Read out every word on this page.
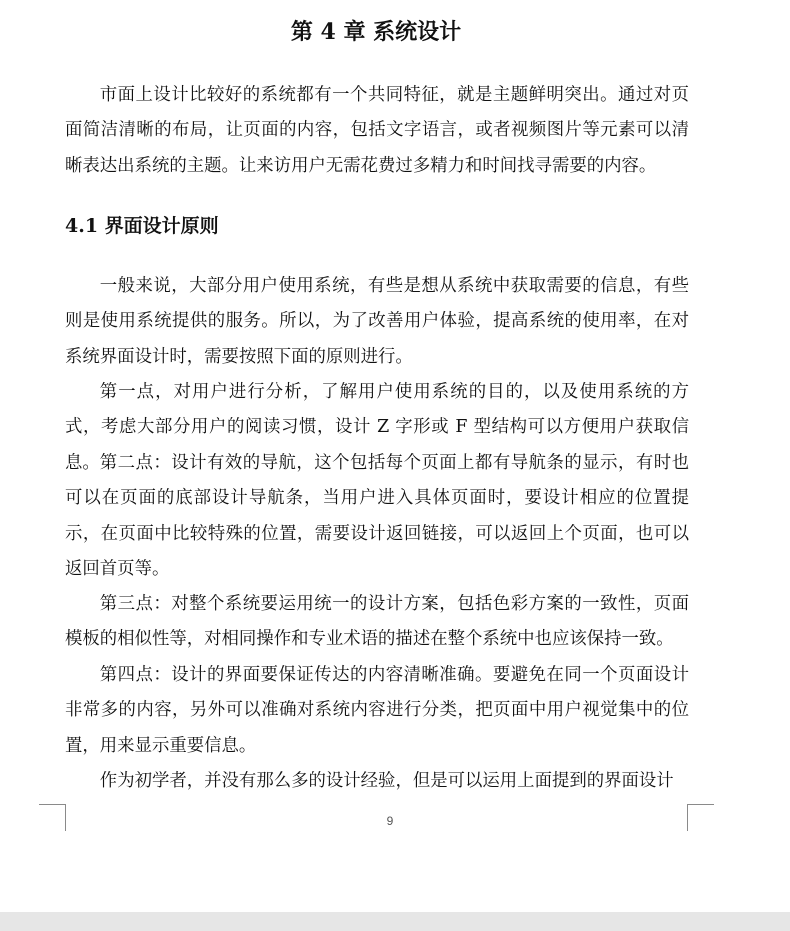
第 4 章 系统设计

市面上设计比较好的系统都有一个共同特征，就是主题鲜明突出。通过对页面简洁清晰的布局，让页面的内容，包括文字语言，或者视频图片等元素可以清晰表达出系统的主题。让来访用户无需花费过多精力和时间找寻需要的内容。

4.1 界面设计原则

一般来说，大部分用户使用系统，有些是想从系统中获取需要的信息，有些则是使用系统提供的服务。所以，为了改善用户体验，提高系统的使用率，在对系统界面设计时，需要按照下面的原则进行。

第一点，对用户进行分析，了解用户使用系统的目的，以及使用系统的方式，考虑大部分用户的阅读习惯，设计 Z 字形或 F 型结构可以方便用户获取信息。 第二点：设计有效的导航，这个包括每个页面上都有导航条的显示，有时也可以在页面的底部设计导航条，当用户进入具体页面时，要设计相应的位置提示，在页面中比较特殊的位置，需要设计返回链接，可以返回上个页面，也可以返回首页等。

第三点：对整个系统要运用统一的设计方案，包括色彩方案的一致性，页面模板的相似性等，对相同操作和专业术语的描述在整个系统中也应该保持一致。

第四点：设计的界面要保证传达的内容清晰准确。要避免在同一个页面设计非常多的内容，另外可以准确对系统内容进行分类，把页面中用户视觉集中的位置，用来显示重要信息。

作为初学者，并没有那么多的设计经验，但是可以运用上面提到的界面设计

9
